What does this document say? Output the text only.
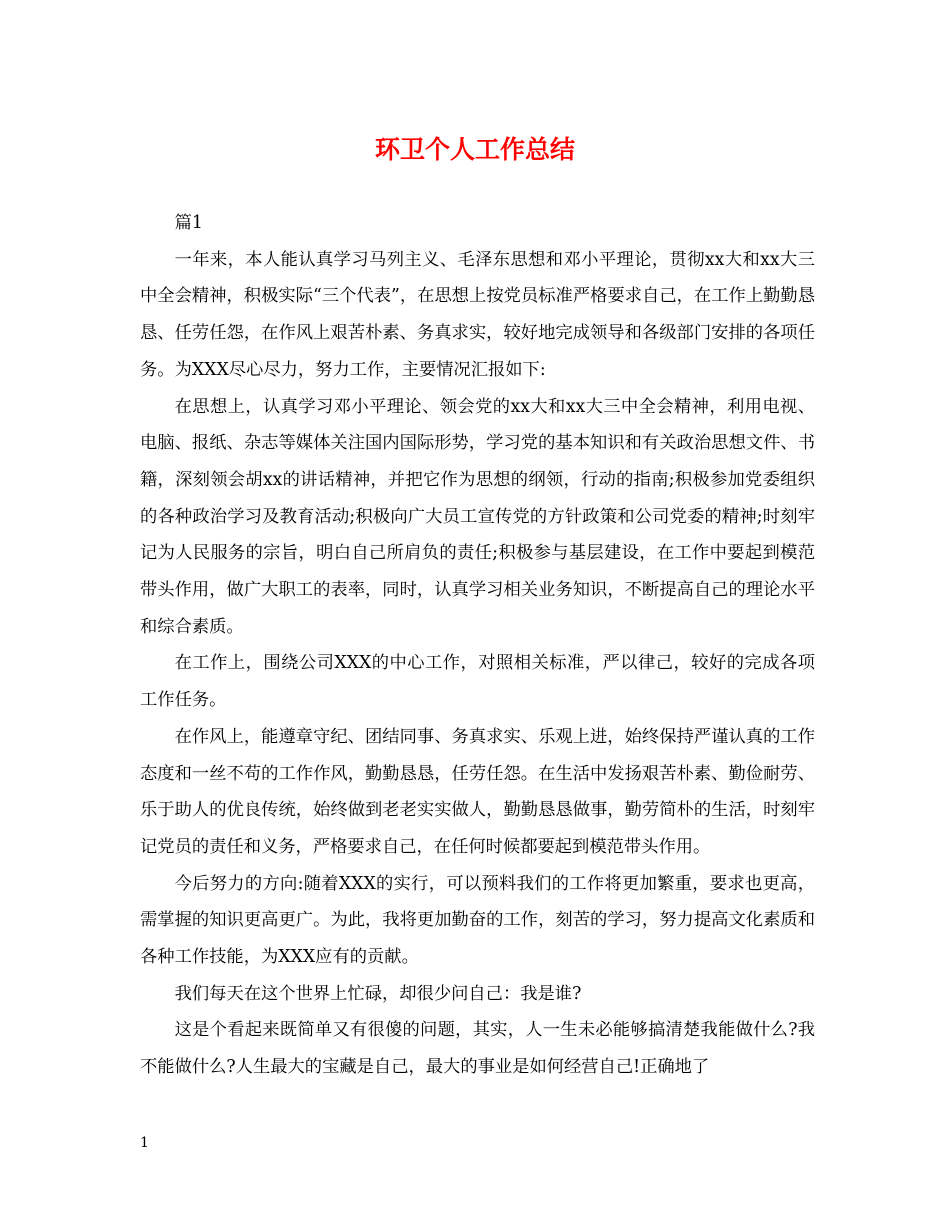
环卫个人工作总结

篇1

一年来，本人能认真学习马列主义、毛泽东思想和邓小平理论，贯彻xx大和xx大三中全会精神，积极实际“三个代表”，在思想上按党员标准严格要求自己，在工作上勤勤恳恳、任劳任怨，在作风上艰苦朴素、务真求实，较好地完成领导和各级部门安排的各项任务。为XXX尽心尽力，努力工作，主要情况汇报如下:

在思想上，认真学习邓小平理论、领会党的xx大和xx大三中全会精神，利用电视、电脑、报纸、杂志等媒体关注国内国际形势，学习党的基本知识和有关政治思想文件、书籍，深刻领会胡xx的讲话精神，并把它作为思想的纲领，行动的指南;积极参加党委组织的各种政治学习及教育活动;积极向广大员工宣传党的方针政策和公司党委的精神;时刻牢记为人民服务的宗旨，明白自己所肩负的责任;积极参与基层建设，在工作中要起到模范带头作用，做广大职工的表率，同时，认真学习相关业务知识，不断提高自己的理论水平和综合素质。

在工作上，围绕公司XXX的中心工作，对照相关标准，严以律己，较好的完成各项工作任务。

在作风上，能遵章守纪、团结同事、务真求实、乐观上进，始终保持严谨认真的工作态度和一丝不苟的工作作风，勤勤恳恳，任劳任怨。在生活中发扬艰苦朴素、勤俭耐劳、乐于助人的优良传统，始终做到老老实实做人，勤勤恳恳做事，勤劳简朴的生活，时刻牢记党员的责任和义务，严格要求自己，在任何时候都要起到模范带头作用。

今后努力的方向:随着XXX的实行，可以预料我们的工作将更加繁重，要求也更高，需掌握的知识更高更广。为此，我将更加勤奋的工作，刻苦的学习，努力提高文化素质和各种工作技能，为XXX应有的贡献。

我们每天在这个世界上忙碌，却很少问自己：我是谁?

这是个看起来既简单又有很傻的问题，其实，人一生未必能够搞清楚我能做什么?我不能做什么?人生最大的宝藏是自己，最大的事业是如何经营自己!正确地了

1
